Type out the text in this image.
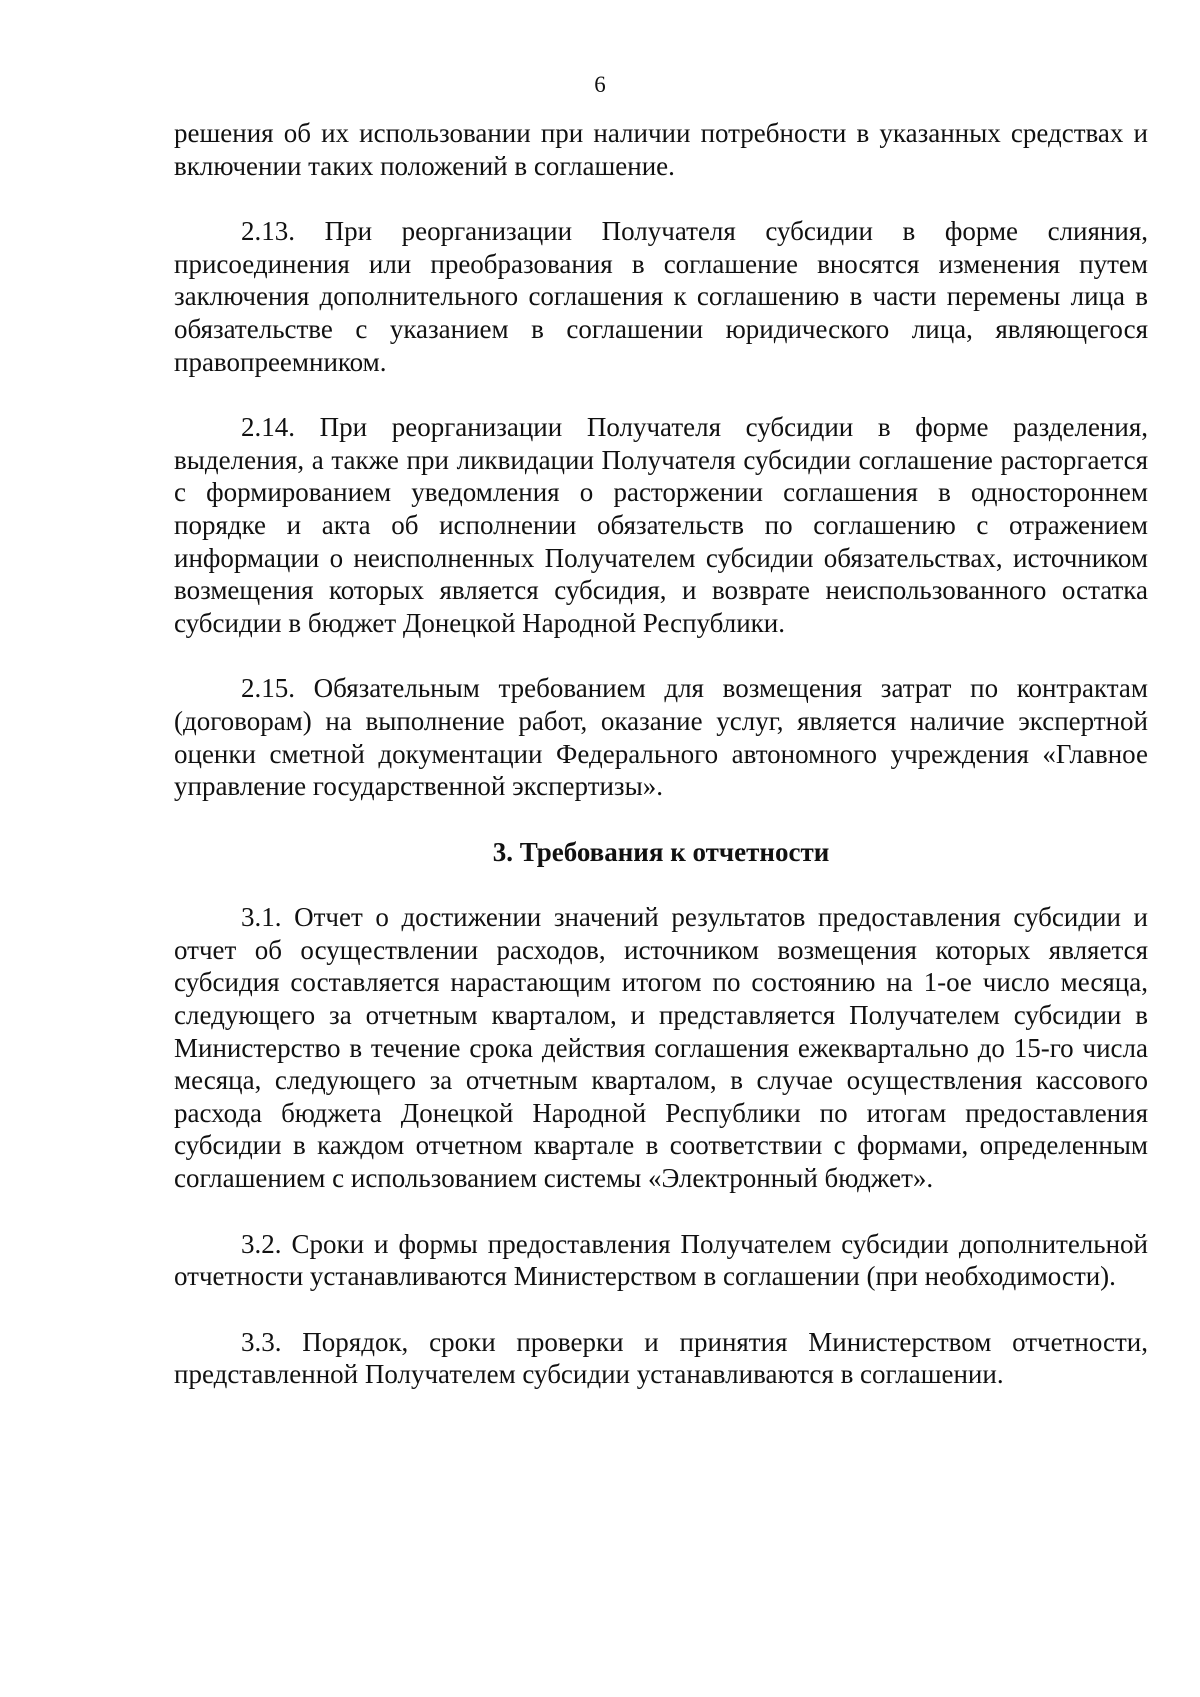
6

решения об их использовании при наличии потребности в указанных средствах и включении таких положений в соглашение.

2.13. При реорганизации Получателя субсидии в форме слияния, присоединения или преобразования в соглашение вносятся изменения путем заключения дополнительного соглашения к соглашению в части перемены лица в обязательстве с указанием в соглашении юридического лица, являющегося правопреемником.

2.14. При реорганизации Получателя субсидии в форме разделения, выделения, а также при ликвидации Получателя субсидии соглашение расторгается с формированием уведомления о расторжении соглашения в одностороннем порядке и акта об исполнении обязательств по соглашению с отражением информации о неисполненных Получателем субсидии обязательствах, источником возмещения которых является субсидия, и возврате неиспользованного остатка субсидии в бюджет Донецкой Народной Республики.

2.15. Обязательным требованием для возмещения затрат по контрактам (договорам) на выполнение работ, оказание услуг, является наличие экспертной оценки сметной документации Федерального автономного учреждения «Главное управление государственной экспертизы».

3. Требования к отчетности

3.1. Отчет о достижении значений результатов предоставления субсидии и отчет об осуществлении расходов, источником возмещения которых является субсидия составляется нарастающим итогом по состоянию на 1-ое число месяца, следующего за отчетным кварталом, и представляется Получателем субсидии в Министерство в течение срока действия соглашения ежеквартально до 15-го числа месяца, следующего за отчетным кварталом, в случае осуществления кассового расхода бюджета Донецкой Народной Республики по итогам предоставления субсидии в каждом отчетном квартале в соответствии с формами, определенным соглашением с использованием системы «Электронный бюджет».

3.2. Сроки и формы предоставления Получателем субсидии дополнительной отчетности устанавливаются Министерством в соглашении (при необходимости).

3.3. Порядок, сроки проверки и принятия Министерством отчетности, представленной Получателем субсидии устанавливаются в соглашении.
